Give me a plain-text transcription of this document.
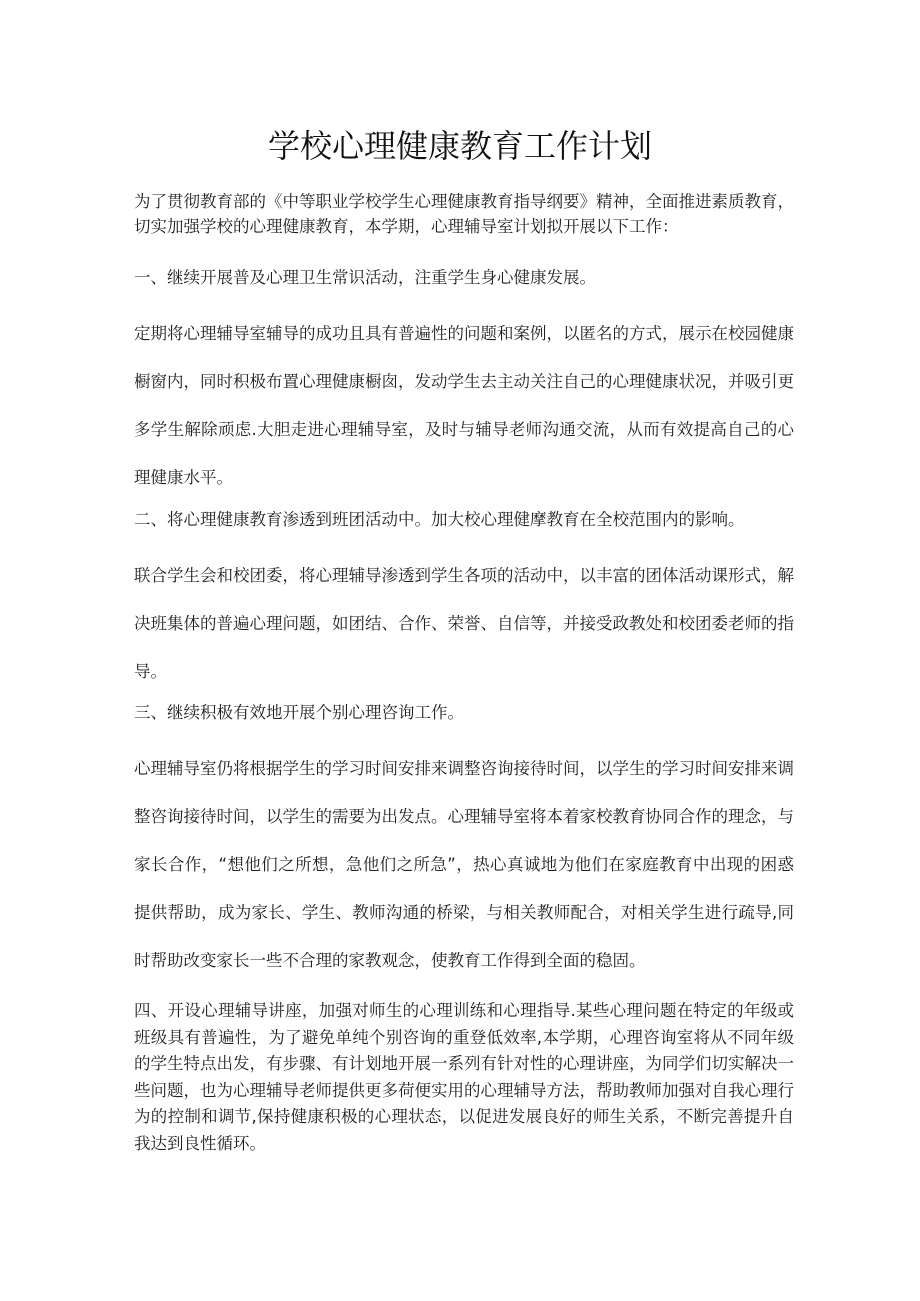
学校心理健康教育工作计划
为了贯彻教育部的《中等职业学校学生心理健康教育指导纲要》精神，全面推进素质教育，切实加强学校的心理健康教育，本学期，心理辅导室计划拟开展以下工作：
一、继续开展普及心理卫生常识活动，注重学生身心健康发展。
定期将心理辅导室辅导的成功且具有普遍性的问题和案例，以匿名的方式，展示在校园健康橱窗内，同时积极布置心理健康橱囱，发动学生去主动关注自己的心理健康状况，并吸引更多学生解除顽虑.大胆走进心理辅导室，及时与辅导老师沟通交流，从而有效提高自己的心理健康水平。
二、将心理健康教育渗透到班团活动中。加大校心理健摩教育在全校范围内的影响。
联合学生会和校团委，将心理辅导渗透到学生各项的活动中，以丰富的团体活动课形式，解决班集体的普遍心理问题，如团结、合作、荣誉、自信等，并接受政教处和校团委老师的指导。
三、继续积极有效地开展个别心理咨询工作。
心理辅导室仍将根据学生的学习时间安排来调整咨询接待时间，以学生的学习时间安排来调整咨询接待时间，以学生的需要为出发点。心理辅导室将本着家校教育协同合作的理念，与家长合作，“想他们之所想，急他们之所急”，热心真诚地为他们在家庭教育中出现的困惑提供帮助，成为家长、学生、教师沟通的桥梁，与相关教师配合，对相关学生进行疏导,同时帮助改变家长一些不合理的家教观念，使教育工作得到全面的稳固。
四、开设心理辅导讲座，加强对师生的心理训练和心理指导.某些心理问题在特定的年级或班级具有普遍性，为了避免单纯个别咨询的重登低效率,本学期，心理咨询室将从不同年级的学生特点出发，有步骤、有计划地开展一系列有针对性的心理讲座，为同学们切实解决一些问题，也为心理辅导老师提供更多荷便实用的心理辅导方法，帮助教师加强对自我心理行为的控制和调节,保持健康积极的心理状态，以促进发展良好的师生关系，不断完善提升自我达到良性循环。
